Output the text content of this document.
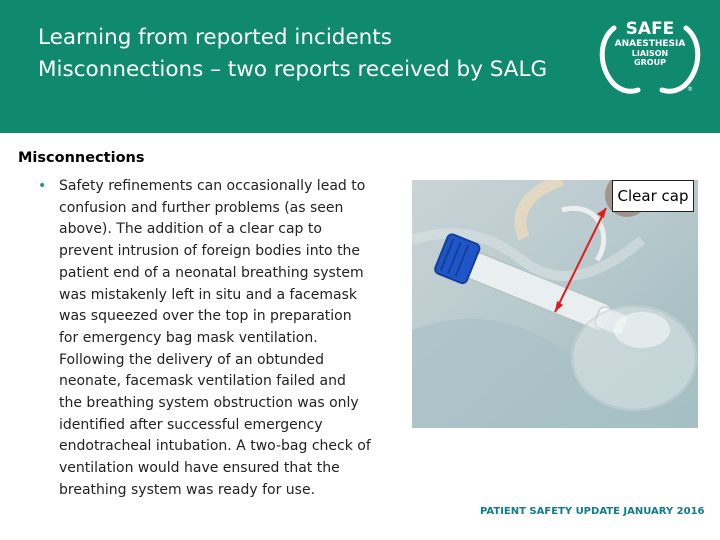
Learning from reported incidents
Misconnections – two reports received by SALG
SAFE
ANAESTHESIA
LIAISON
GROUP
®
Misconnections
• Safety refinements can occasionally lead to confusion and further problems (as seen above). The addition of a clear cap to prevent intrusion of foreign bodies into the patient end of a neonatal breathing system was mistakenly left in situ and a facemask was squeezed over the top in preparation for emergency bag mask ventilation. Following the delivery of an obtunded neonate, facemask ventilation failed and the breathing system obstruction was only identified after successful emergency endotracheal intubation. A two-bag check of ventilation would have ensured that the breathing system was ready for use.
Clear cap
PATIENT SAFETY UPDATE JANUARY 2016
